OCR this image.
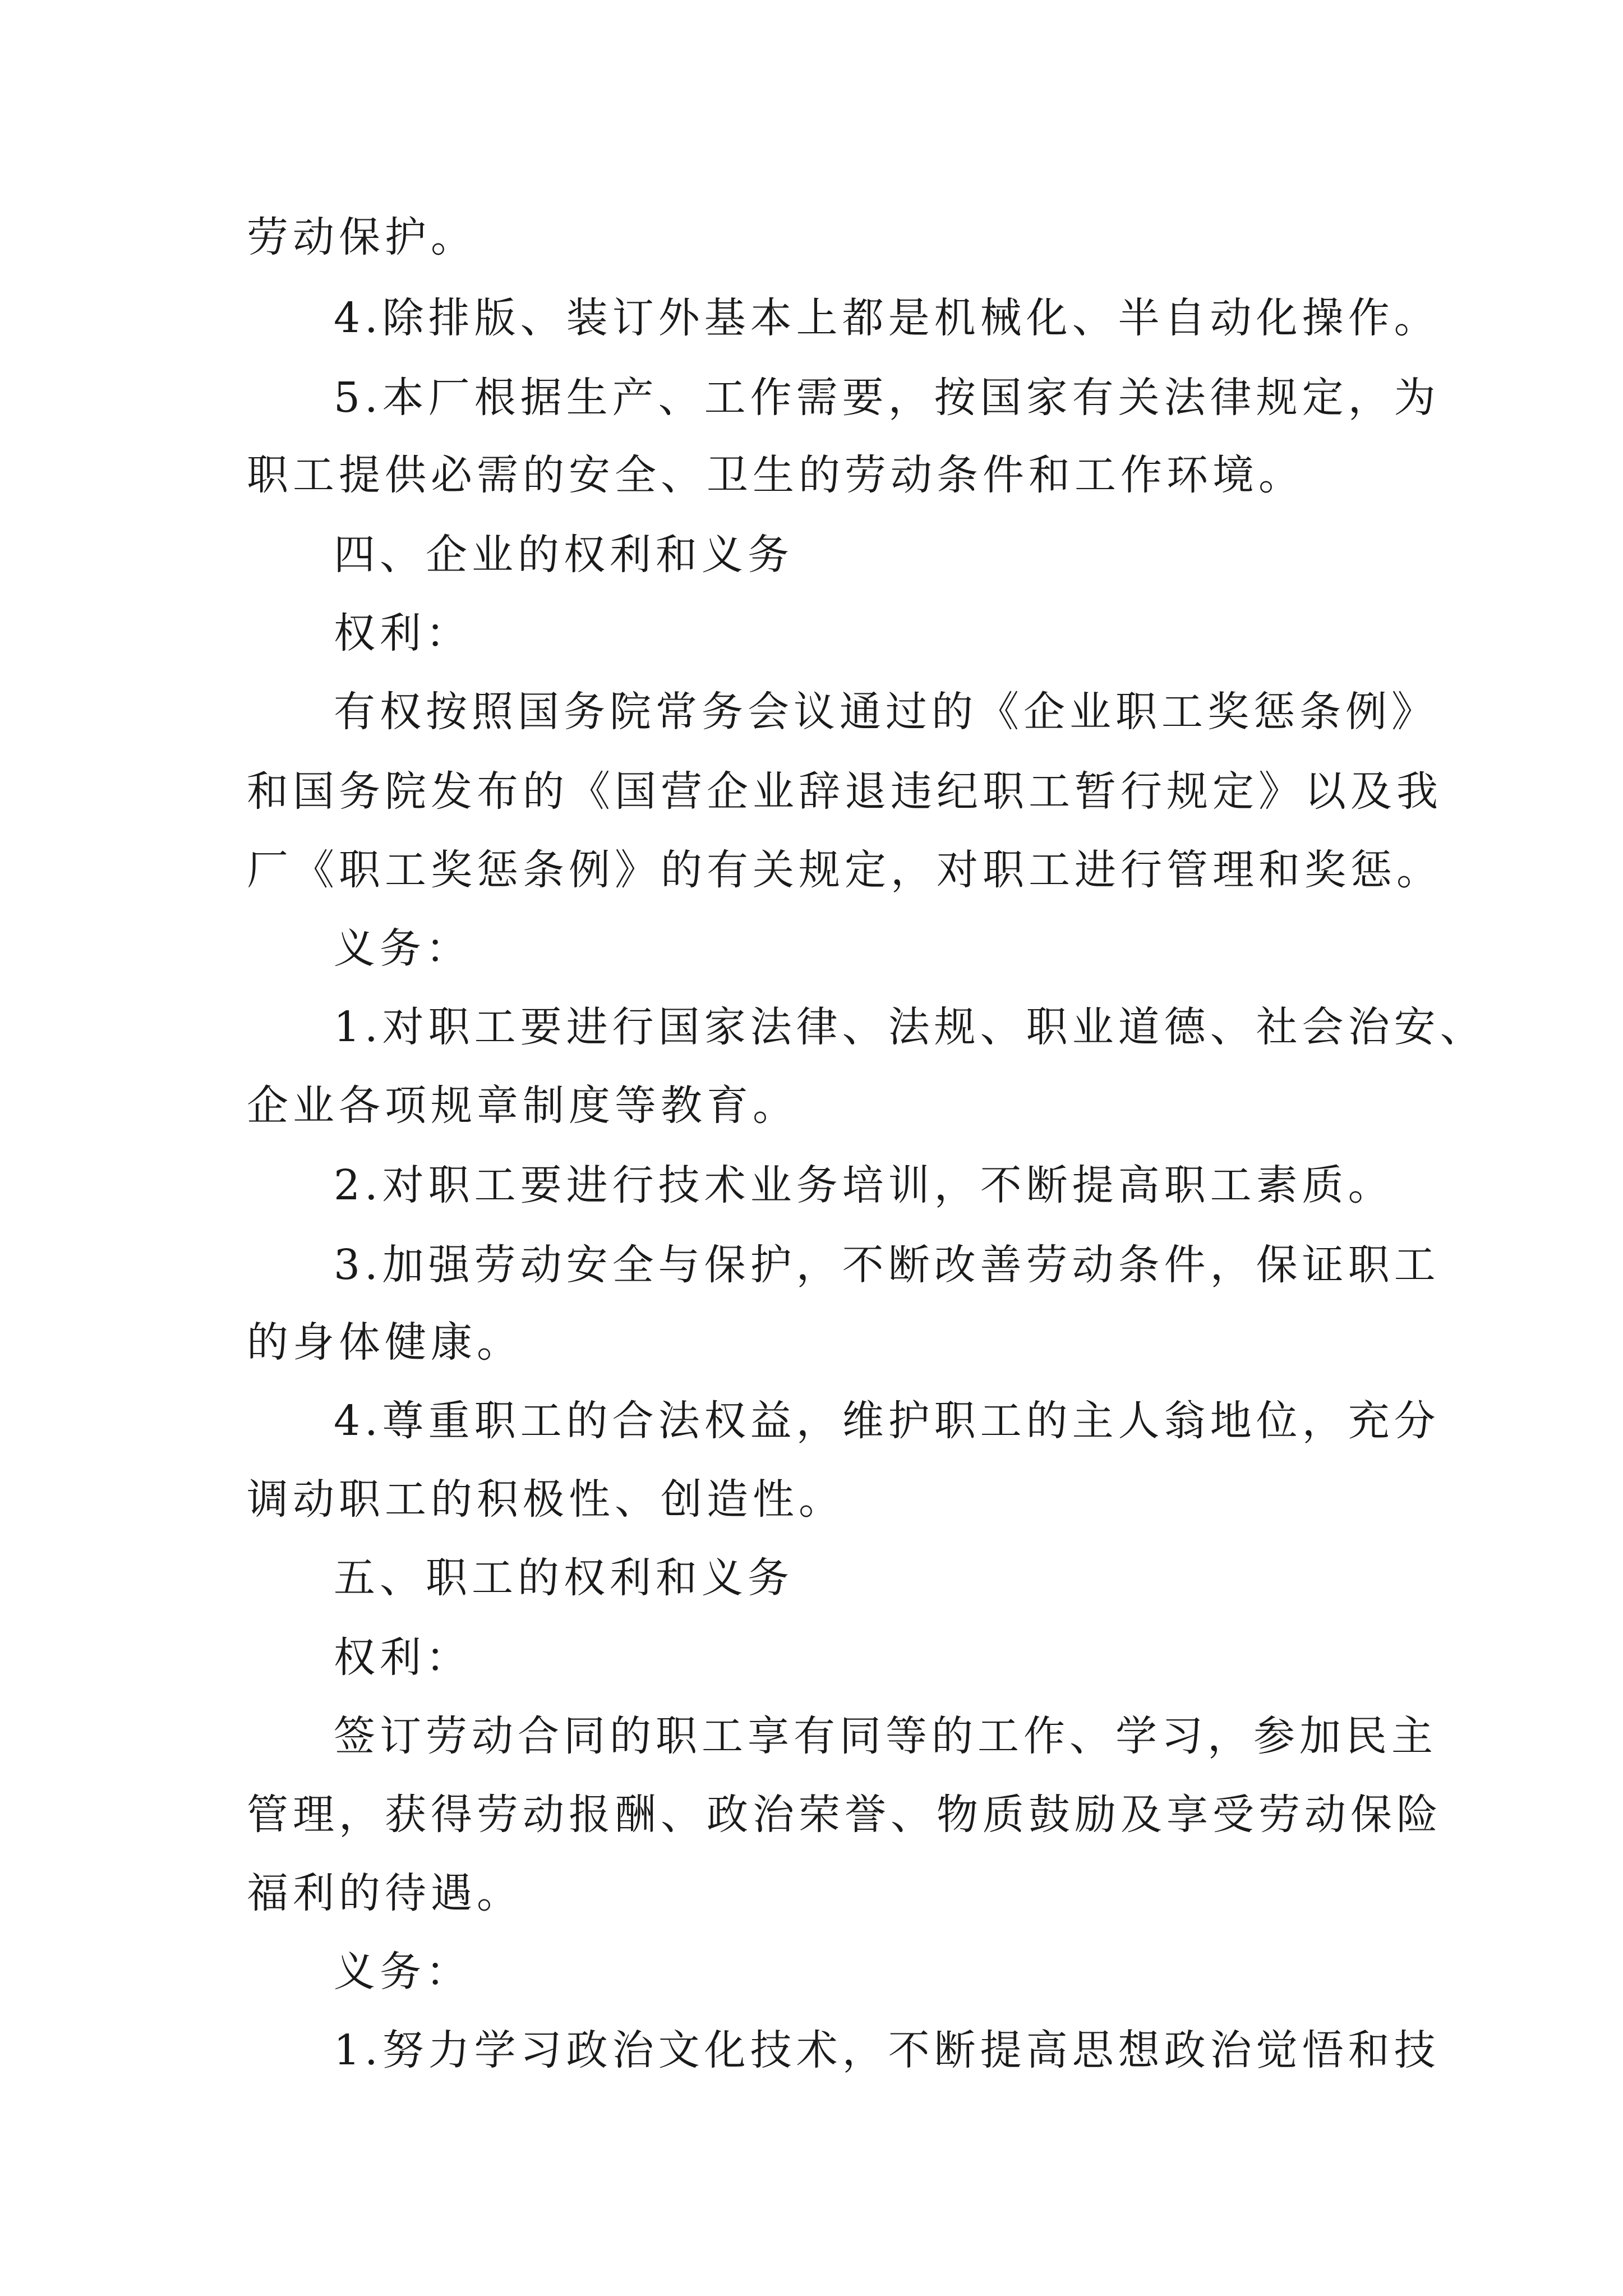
劳动保护。
4.除排版、装订外基本上都是机械化、半自动化操作。
5.本厂根据生产、工作需要，按国家有关法律规定，为
职工提供必需的安全、卫生的劳动条件和工作环境。
四、企业的权利和义务
权利：
有权按照国务院常务会议通过的《企业职工奖惩条例》
和国务院发布的《国营企业辞退违纪职工暂行规定》以及我
厂《职工奖惩条例》的有关规定，对职工进行管理和奖惩。
义务：
1.对职工要进行国家法律、法规、职业道德、社会治安、
企业各项规章制度等教育。
2.对职工要进行技术业务培训，不断提高职工素质。
3.加强劳动安全与保护，不断改善劳动条件，保证职工
的身体健康。
4.尊重职工的合法权益，维护职工的主人翁地位，充分
调动职工的积极性、创造性。
五、职工的权利和义务
权利：
签订劳动合同的职工享有同等的工作、学习，参加民主
管理，获得劳动报酬、政治荣誉、物质鼓励及享受劳动保险
福利的待遇。
义务：
1.努力学习政治文化技术，不断提高思想政治觉悟和技
